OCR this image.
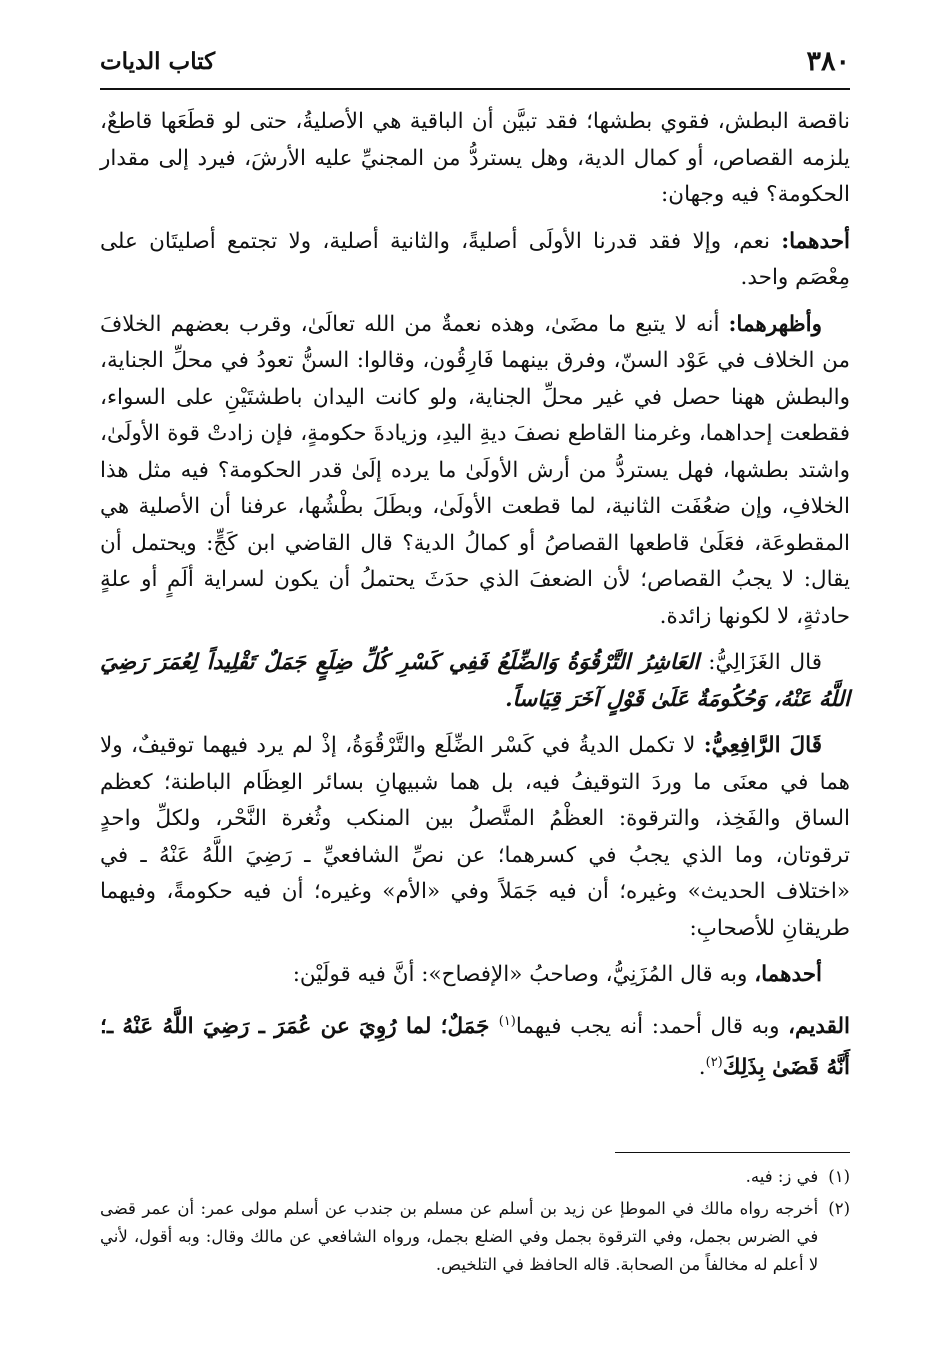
٣٨٠
كتاب الديات

ناقصة البطش، فقوي بطشها؛ فقد تبيَّن أن الباقية هي الأصليةُ، حتى لو قطَعَها قاطعٌ، يلزمه القصاص، أو كمال الدية، وهل يستردُّ من المجنيِّ عليه الأرشَ، فيرد إلى مقدار الحكومة؟ فيه وجهان:

أحدهما: نعم، وإلا فقد قدرنا الأولَى أصليةً، والثانية أصلية، ولا تجتمع أصليتَان على مِعْصَم واحد.

وأظهرهما: أنه لا يتبع ما مضَىٰ، وهذه نعمةٌ من الله تعالَىٰ، وقرب بعضهم الخلافَ من الخلاف في عَوْد السنّ، وفرق بينهما فَارِقُون، وقالوا: السنُّ تعودُ في محلِّ الجناية، والبطش ههنا حصل في غير محلِّ الجناية، ولو كانت اليدان باطشتَيْنِ على السواء، فقطعت إحداهما، وغرمنا القاطع نصفَ ديةِ اليدِ، وزيادةَ حكومةٍ، فإن زادتْ قوة الأولَىٰ، واشتد بطشها، فهل يستردُّ من أرش الأولَىٰ ما يرده إلَىٰ قدر الحكومة؟ فيه مثل هذا الخلافِ، وإن ضعُفَت الثانية، لما قطعت الأولَىٰ، وبطَلَ بطْشُها، عرفنا أن الأصلية هي المقطوعَة، فعَلَىٰ قاطعها القصاصُ أو كمالُ الدية؟ قال القاضي ابن كَجٍّ: ويحتمل أن يقال: لا يجبُ القصاص؛ لأن الضعفَ الذي حدَثَ يحتملُ أن يكون لسراية ألَمٍ أو علةٍ حادثةٍ، لا لكونها زائدة.

قال الغَزَالِيُّ: العَاشِرُ التَّرْقُوَةُ وَالضِّلَعُ فَفِي كَسْرِ كُلِّ ضِلَعٍ جَمَلٌ تَقْلِيداً لِعُمَرَ رَضِيَ اللَّهُ عَنْهُ، وَحُكُومَةٌ عَلَىٰ قَوْلٍ آخَرَ قِيَاساً.

قَالَ الرَّافِعِيُّ: لا تكمل الديةُ في كَسْر الضِّلَع والتَّرْقُوَةُ، إذْ لم يرد فيهما توقيفٌ، ولا هما في معنَى ما وردَ التوقيفُ فيه، بل هما شبيهانِ بسائر العِظَام الباطنة؛ كعظم الساق والفَخِذ، والترقوة: العظْمُ المتَّصلُ بين المنكب وثُغرة النَّحْر، ولكلِّ واحدٍ ترقوتان، وما الذي يجبُ في كسرهما؛ عن نصِّ الشافعيِّ ـ رَضِيَ اللَّهُ عَنْهُ ـ في «اختلاف الحديث» وغيره؛ أن فيه جَمَلاً وفي «الأم» وغيره؛ أن فيه حكومةً، وفيهما طريقانِ للأصحابِ:

أحدهما، وبه قال المُزَنِيُّ، وصاحبُ «الإفصاح»: أنَّ فيه قولَيْن:

القديم، وبه قال أحمد: أنه يجب فيهما$^{(١)}$ جَمَلٌ؛ لما رُوِيَ عن عُمَرَ ـ رَضِيَ اللَّهُ عَنْهُ ـ؛ أَنَّهُ قَضَىٰ بِذَلِكَ$^{(٢)}$.

(١)
في ز: فيه.
(٢)
أخرجه رواه مالك في الموطإ عن زيد بن أسلم عن مسلم بن جندب عن أسلم مولى عمر: أن عمر قضى في الضرس بجمل، وفي الترقوة بجمل وفي الضلع بجمل، ورواه الشافعي عن مالك وقال: وبه أقول، لأني لا أعلم له مخالفاً من الصحابة. قاله الحافظ في التلخيص.
